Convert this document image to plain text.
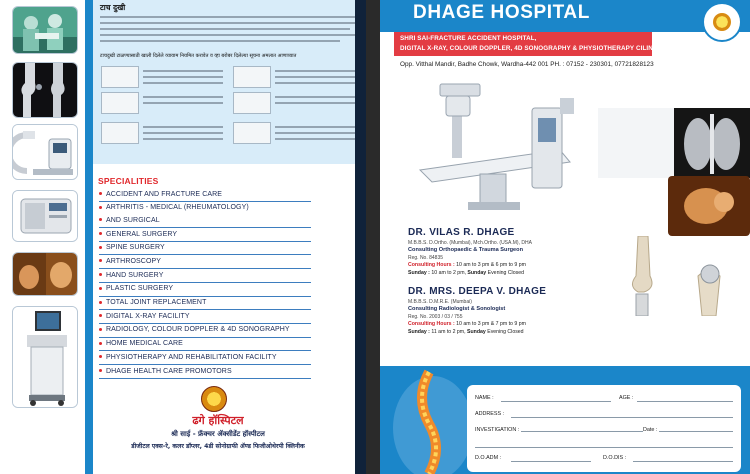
टाच दुखी
टाचदुखी टाळण्यासाठी खाली दिलेले व्यायाम नियमित करावेत व व्हा बरोबर दिलेल्या सूचना अमलात आणाव्यात
SPECIALITIES
ACCIDENT AND FRACTURE CARE
ARTHRITIS - MEDICAL (RHEUMATOLOGY)
AND SURGICAL
GENERAL SURGERY
SPINE SURGERY
ARTHROSCOPY
HAND SURGERY
PLASTIC SURGERY
TOTAL JOINT REPLACEMENT
DIGITAL X-RAY FACILITY
RADIOLOGY, COLOUR DOPPLER & 4D SONOGRAPHY
HOME MEDICAL CARE
PHYSIOTHERAPY AND REHABILITATION FACILITY
DHAGE HEALTH CARE PROMOTORS
ढगे हॉस्पिटल
श्री साई - फ्रॅक्चर ॲक्सीडेंट हॉस्पीटल
डीजीटल एक्स-रे, कलर डॉप्लर, 4डी सोनोग्राफी ॲण्ड फिजीओथेरपी क्लिनीक
DHAGE HOSPITAL
SHRI SAI-FRACTURE ACCIDENT HOSPITAL,
DIGITAL X-RAY, COLOUR DOPPLER, 4D SONOGRAPHY & PHYSIOTHERAPY CILINIC
Opp. Vitthal Mandir, Badhe Chowk, Wardha-442 001 PH. : 07152 - 230301, 07721828123
DR. VILAS R. DHAGE
M.B.B.S. D.Ortho. (Mumbai), Mch.Ortho. (USA.M), DHA
Consulting Orthopaedic & Trauma Surgeon
Reg. No. 84835
Consulting Hours : 10 am to 3 pm & 6 pm to 9 pm
Sunday : 10 am to 2 pm, Sunday Evening Closed
DR. MRS. DEEPA V. DHAGE
M.B.B.S. D.M.R.E. (Mumbai)
Consulting Radiologist & Sonologist
Reg. No. 2003 / 03 / 755
Consulting Hours : 10 am to 3 pm & 7 pm to 9 pm
Sunday : 11 am to 2 pm, Sunday Evening Closed
NAME :	AGE :
ADDRESS :
INVESTIGATION :	Date :
D.O.ADM :	D.O.DIS :
